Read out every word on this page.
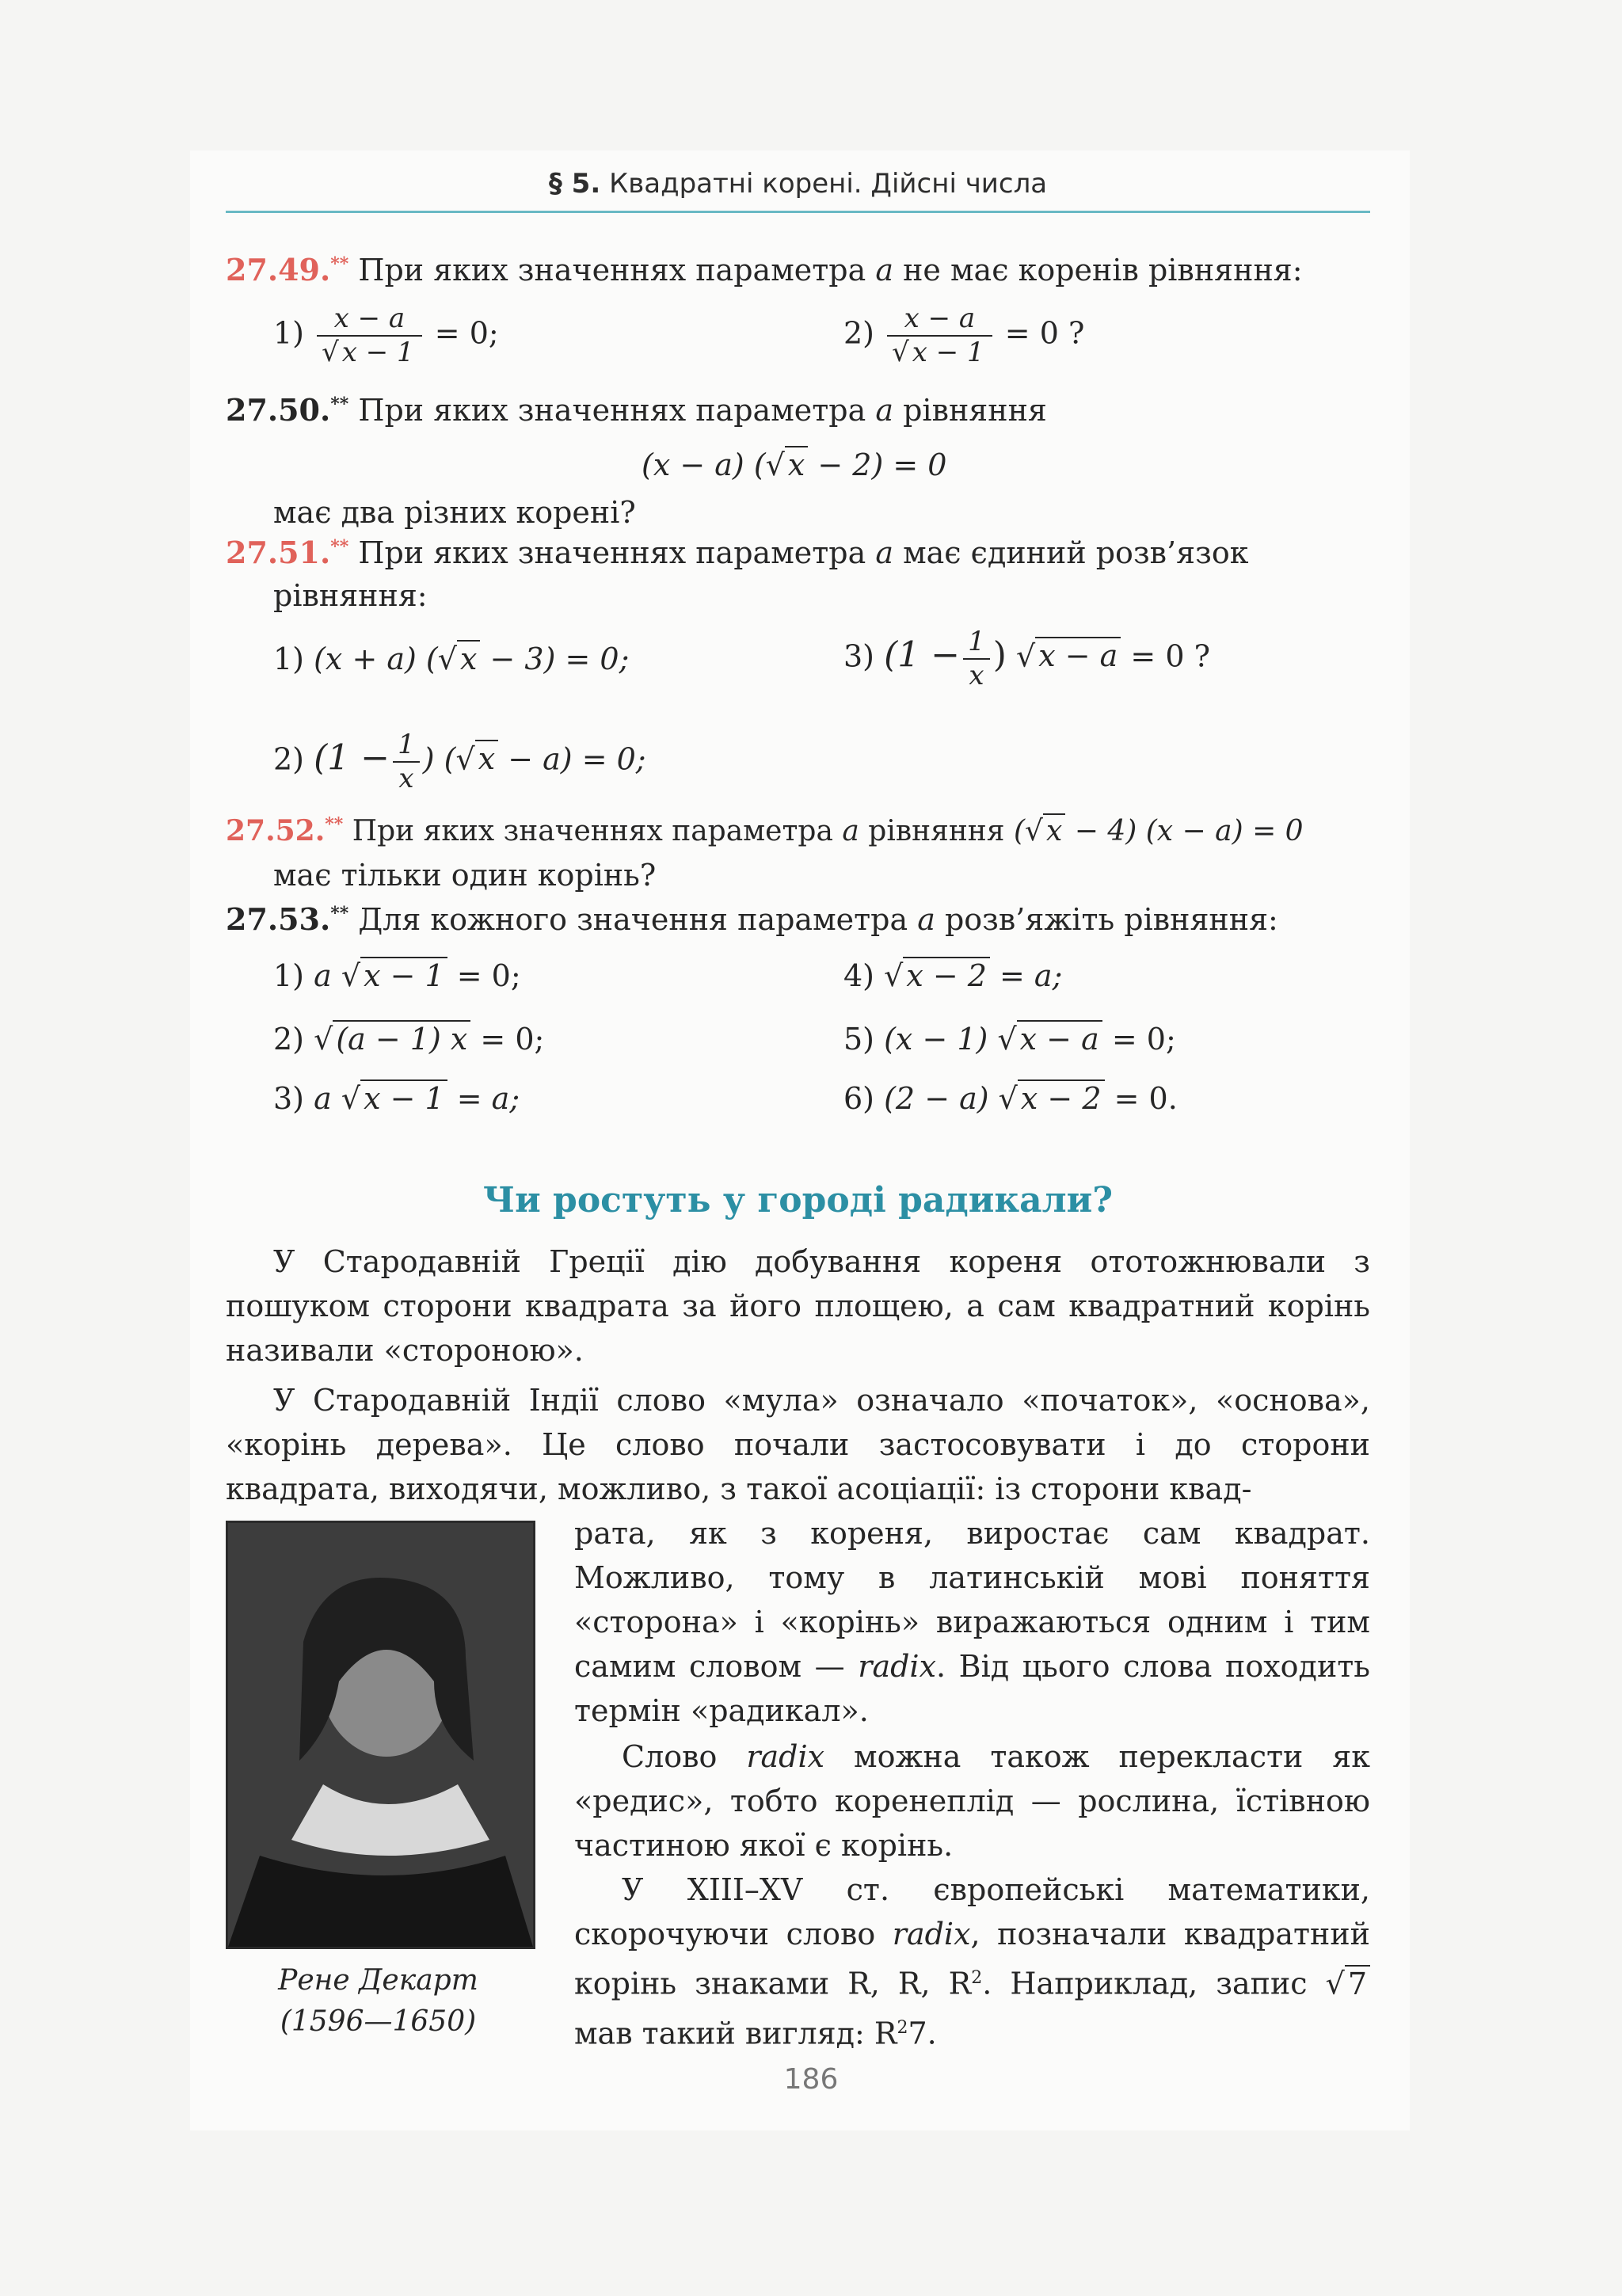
§ 5. Квадратні корені. Дійсні числа
27.49.** При яких значеннях параметра a не має коренів рівняння:
$1) \frac{x - a}{√ x - 1} = 0$;	$2) \frac{x - a}{√ x - 1} = 0$ ?
27.50.** При яких значеннях параметра a рівняння
(x − a) (√ x − 2) = 0
має два різних корені?
27.51.** При яких значеннях параметра a має єдиний розв’язок
рівняння:
1) (x + a) (√ x − 3) = 0;	3) ($1 - \frac{1}{x}$ ) √ x − a = 0 ?
2) ($1 - \frac{1}{x}$ ) (√ x − a) = 0;
27.52.** При яких значеннях параметра a рівняння (√ x − 4) (x − a) = 0
має тільки один корінь?
27.53.** Для кожного значення параметра a розв’яжіть рівняння:
1) a √ x − 1 = 0;	4) √ x − 2 = a;
2) √ (a − 1) x = 0;	5) (x − 1) √ x − a = 0;
3) a √ x − 1 = a;	6) (2 − a) √ x − 2 = 0.
Чи ростуть у городі радикали?
У Стародавній Греції дію добування кореня ототожнювали з пошуком сторони квадрата за його площею, а сам квадратний корінь називали «стороною».
У Стародавній Індії слово «мула» означало «початок», «основа», «корінь дерева». Це слово почали застосовувати і до сторони квадрата, виходячи, можливо, з такої асоціації: із сторони квад-
Рене Декарт
(1596—1650)
рата, як з кореня, виростає сам квадрат. Можливо, тому в латинській мові поняття «сторона» і «корінь» виражаються одним і тим самим словом — radix. Від цього слова походить термін «радикал».
Слово radix можна також перекласти як «редис», тобто коренеплід — рослина, їстівною частиною якої є корінь.
У XIII–XV ст. європейські математики, скорочуючи слово radix, позначали квадратний корінь знаками R, R, $R^2$. Наприклад, запис √ 7 мав такий вигляд: $R^27$.
186
